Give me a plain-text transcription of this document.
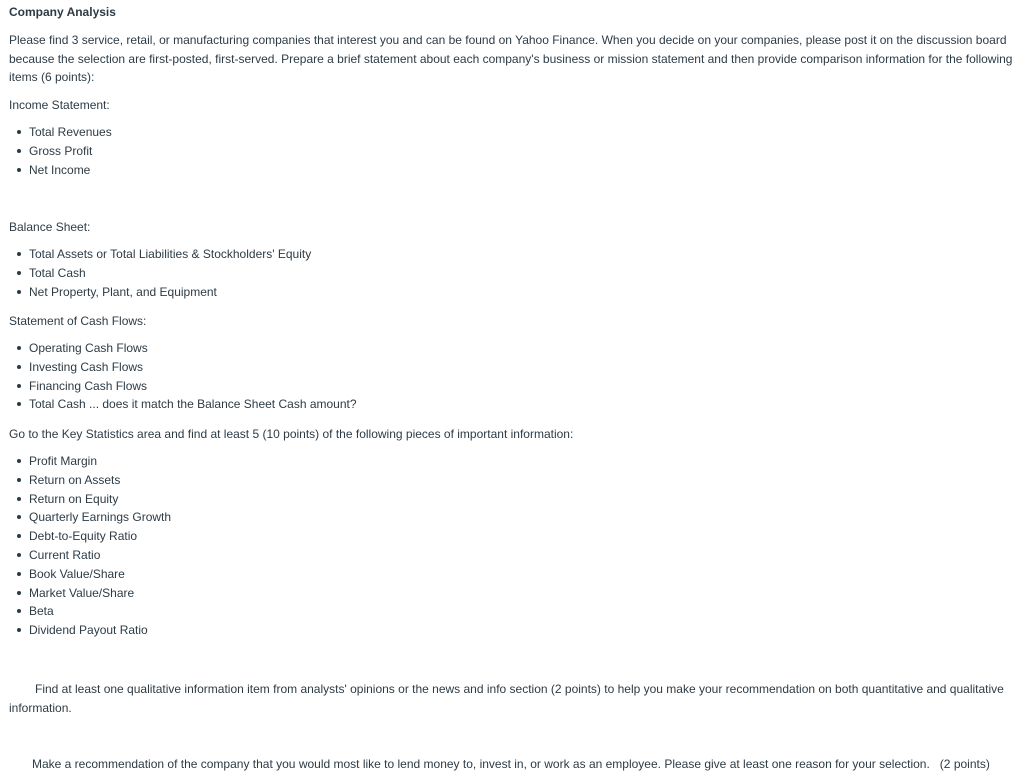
Company Analysis

Please find 3 service, retail, or manufacturing companies that interest you and can be found on Yahoo Finance. When you decide on your companies, please post it on the discussion board because the selection are first-posted, first-served. Prepare a brief statement about each company's business or mission statement and then provide comparison information for the following items (6 points):

Income Statement:

Total Revenues
Gross Profit
Net Income

Balance Sheet:

Total Assets or Total Liabilities & Stockholders' Equity
Total Cash
Net Property, Plant, and Equipment

Statement of Cash Flows:

Operating Cash Flows
Investing Cash Flows
Financing Cash Flows
Total Cash ... does it match the Balance Sheet Cash amount?

Go to the Key Statistics area and find at least 5 (10 points) of the following pieces of important information:

Profit Margin
Return on Assets
Return on Equity
Quarterly Earnings Growth
Debt-to-Equity Ratio
Current Ratio
Book Value/Share
Market Value/Share
Beta
Dividend Payout Ratio

Find at least one qualitative information item from analysts' opinions or the news and info section (2 points) to help you make your recommendation on both quantitative and qualitative information.

Make a recommendation of the company that you would most like to lend money to, invest in, or work as an employee. Please give at least one reason for your selection.   (2 points)
